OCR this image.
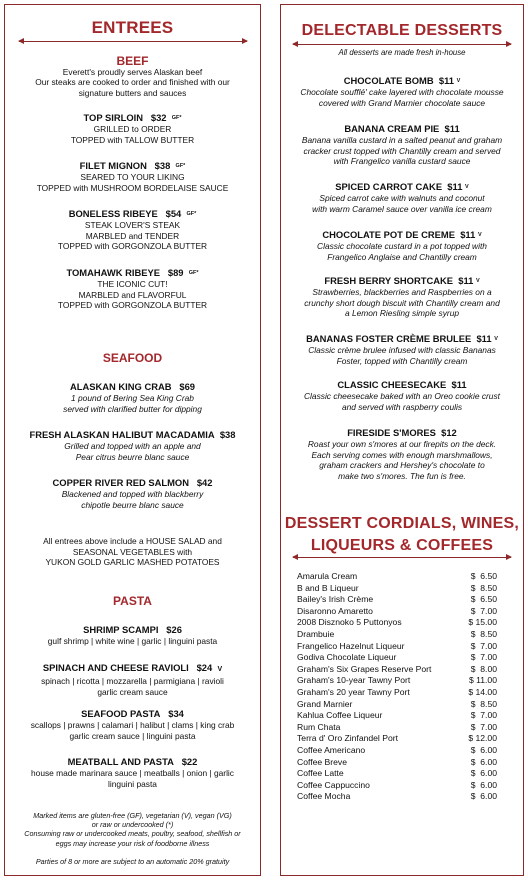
ENTREES
BEEF
Everett's proudly serves Alaskan beef
Our steaks are cooked to order and finished with our
signature butters and sauces
TOP SIRLOIN $32 $^{GF*}$
GRILLED to ORDER
TOPPED with TALLOW BUTTER
FILET MIGNON $38 $^{GF*}$
SEARED TO YOUR LIKING
TOPPED with MUSHROOM BORDELAISE SAUCE
BONELESS RIBEYE $54 $^{GF*}$
STEAK LOVER'S STEAK
MARBLED and TENDER
TOPPED with GORGONZOLA BUTTER
TOMAHAWK RIBEYE $89 $^{GF*}$
THE ICONIC CUT!
MARBLED and FLAVORFUL
TOPPED with GORGONZOLA BUTTER
SEAFOOD
ALASKAN KING CRAB $69
1 pound of Bering Sea King Crab
served with clarified butter for dipping
FRESH ALASKAN HALIBUT MACADAMIA $38
Grilled and topped with an apple and
Pear citrus beurre blanc sauce
COPPER RIVER RED SALMON $42
Blackened and topped with blackberry
chipotle beurre blanc sauce
All entrees above include a HOUSE SALAD and
SEASONAL VEGETABLES with
YUKON GOLD GARLIC MASHED POTATOES
PASTA
SHRIMP SCAMPI $26
gulf shrimp | white wine | garlic | linguini pasta
SPINACH AND CHEESE RAVIOLI $24 V
spinach | ricotta | mozzarella | parmigiana | ravioli
garlic cream sauce
SEAFOOD PASTA $34
scallops | prawns | calamari | halibut | clams | king crab
garlic cream sauce | linguini pasta
MEATBALL AND PASTA $22
house made marinara sauce | meatballs | onion | garlic
linguini pasta
Marked items are gluten-free (GF), vegetarian (V), vegan (VG)
or raw or undercooked (*)
Consuming raw or undercooked meats, poultry, seafood, shellfish or
eggs may increase your risk of foodborne illness
Parties of 8 or more are subject to an automatic 20% gratuity
DELECTABLE DESSERTS
All desserts are made fresh in-house
CHOCOLATE BOMB $11 $^V$
Chocolate soufflé' cake layered with chocolate mousse
covered with Grand Marnier chocolate sauce
BANANA CREAM PIE $11
Banana vanilla custard in a salted peanut and graham
cracker crust topped with Chantilly cream and served
with Frangelico vanilla custard sauce
SPICED CARROT CAKE $11 $^V$
Spiced carrot cake with walnuts and coconut
with warm Caramel sauce over vanilla ice cream
CHOCOLATE POT DE CREME $11 $^V$
Classic chocolate custard in a pot topped with
Frangelico Anglaise and Chantilly cream
FRESH BERRY SHORTCAKE $11 $^V$
Strawberries, blackberries and Raspberries on a
crunchy short dough biscuit with Chantilly cream and
a Lemon Riesling simple syrup
BANANAS FOSTER CRÈME BRULEE $11 $^V$
Classic crème brulee infused with classic Bananas
Foster, topped with Chantilly cream
CLASSIC CHEESECAKE $11
Classic cheesecake baked with an Oreo cookie crust
and served with raspberry coulis
FIRESIDE S'MORES $12
Roast your own s'mores at our firepits on the deck.
Each serving comes with enough marshmallows,
graham crackers and Hershey's chocolate to
make two s'mores. The fun is free.
DESSERT CORDIALS, WINES,
LIQUEURS & COFFEES
Amarula Cream	$  6.50
B and B Liqueur	$  8.50
Bailey's Irish Crème	$  6.50
Disaronno Amaretto	$  7.00
2008 Disznoko 5 Puttonyos	$ 15.00
Drambuie	$  8.50
Frangelico Hazelnut Liqueur	$  7.00
Godiva Chocolate Liqueur	$  7.00
Graham's Six Grapes Reserve Port	$  8.00
Graham's 10-year Tawny Port	$ 11.00
Graham's 20 year Tawny Port	$ 14.00
Grand Marnier	$  8.50
Kahlua Coffee Liqueur	$  7.00
Rum Chata	$  7.00
Terra d' Oro Zinfandel Port	$ 12.00
Coffee Americano	$  6.00
Coffee Breve	$  6.00
Coffee Latte	$  6.00
Coffee Cappuccino	$  6.00
Coffee Mocha	$  6.00
